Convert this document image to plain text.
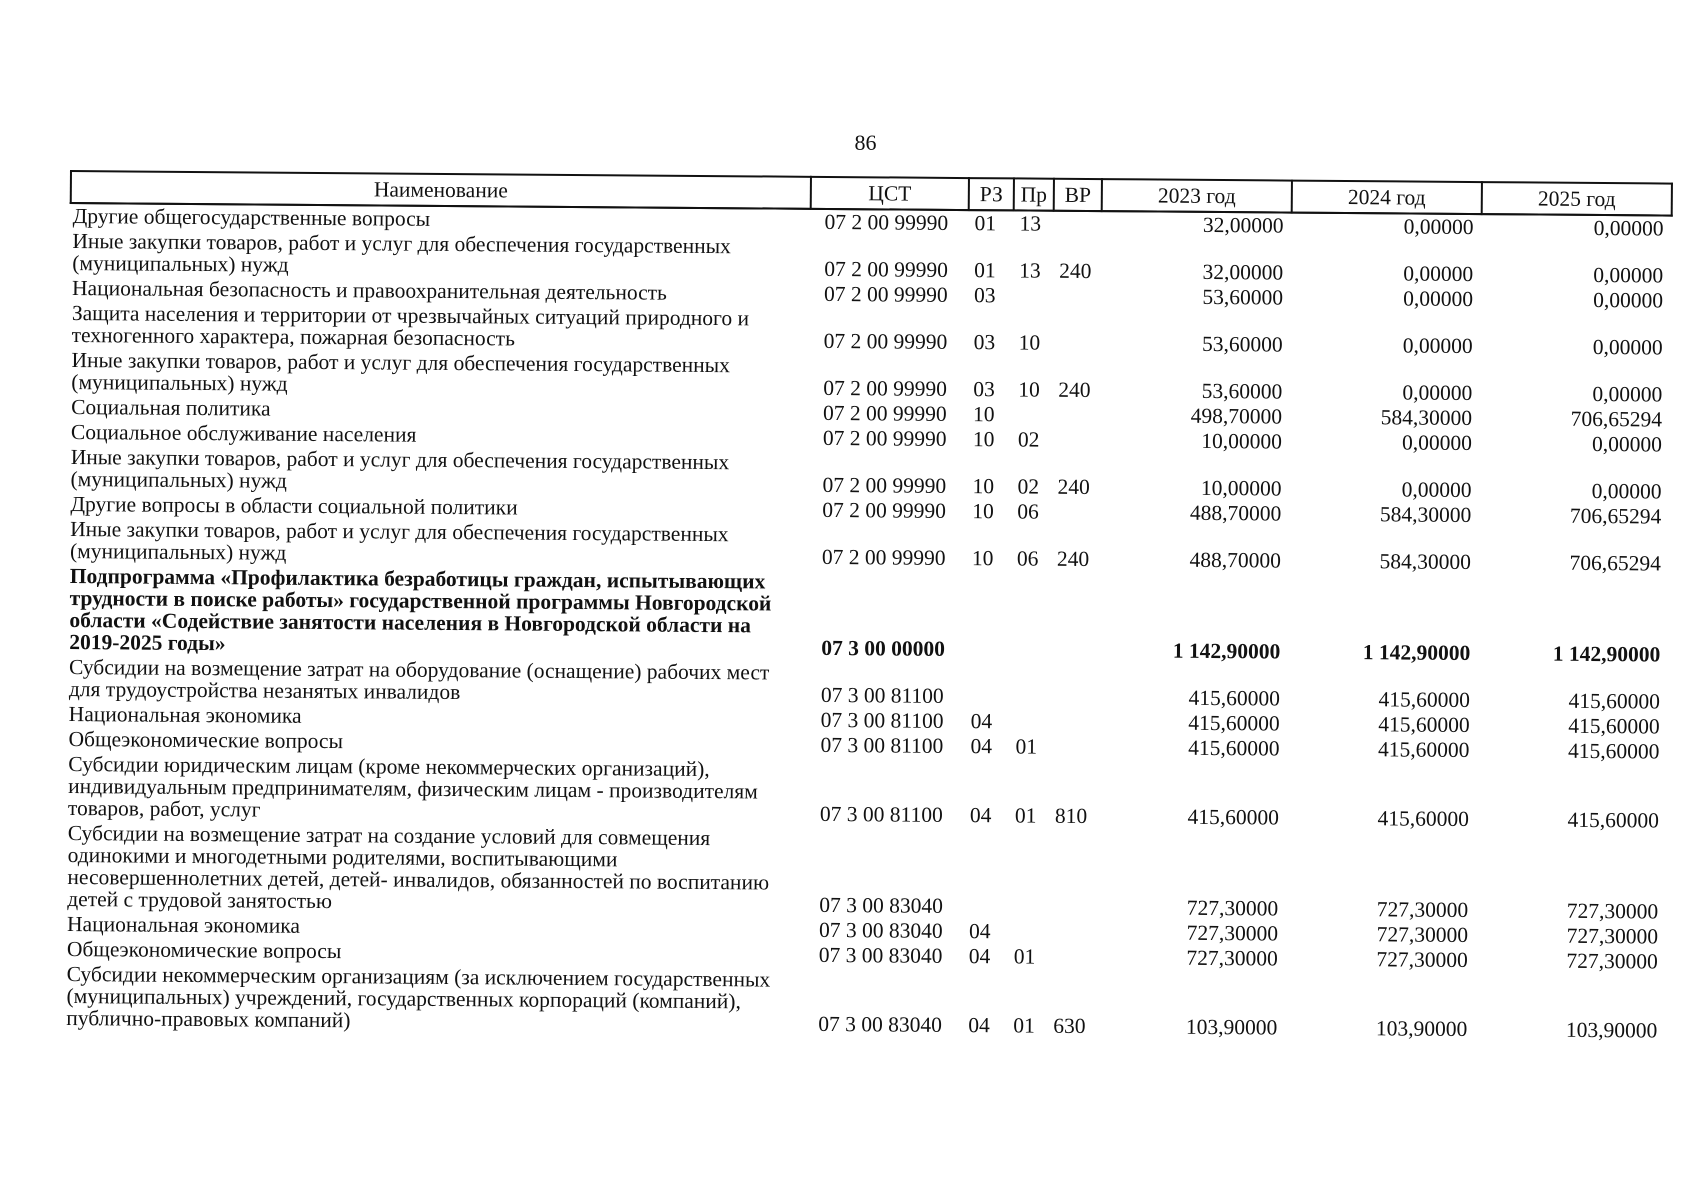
86
Наименование	ЦСТ	РЗ	Пр	ВР	2023 год	2024 год	2025 год
Другие общегосударственные вопросы	07 2 00 99990	01	13		32,00000	0,00000	0,00000
Иные закупки товаров, работ и услуг для обеспечения государственных (муниципальных) нужд	07 2 00 99990	01	13	240	32,00000	0,00000	0,00000
Национальная безопасность и правоохранительная деятельность	07 2 00 99990	03			53,60000	0,00000	0,00000
Защита населения и территории от чрезвычайных ситуаций природного и техногенного характера, пожарная безопасность	07 2 00 99990	03	10		53,60000	0,00000	0,00000
Иные закупки товаров, работ и услуг для обеспечения государственных (муниципальных) нужд	07 2 00 99990	03	10	240	53,60000	0,00000	0,00000
Социальная политика	07 2 00 99990	10			498,70000	584,30000	706,65294
Социальное обслуживание населения	07 2 00 99990	10	02		10,00000	0,00000	0,00000
Иные закупки товаров, работ и услуг для обеспечения государственных (муниципальных) нужд	07 2 00 99990	10	02	240	10,00000	0,00000	0,00000
Другие вопросы в области социальной политики	07 2 00 99990	10	06		488,70000	584,30000	706,65294
Иные закупки товаров, работ и услуг для обеспечения государственных (муниципальных) нужд	07 2 00 99990	10	06	240	488,70000	584,30000	706,65294
Подпрограмма «Профилактика безработицы граждан, испытывающих трудности в поиске работы» государственной программы Новгородской области «Содействие занятости населения в Новгородской области на 2019-2025 годы»	07 3 00 00000				1 142,90000	1 142,90000	1 142,90000
Субсидии на возмещение затрат на оборудование (оснащение) рабочих мест для трудоустройства незанятых инвалидов	07 3 00 81100				415,60000	415,60000	415,60000
Национальная экономика	07 3 00 81100	04			415,60000	415,60000	415,60000
Общеэкономические вопросы	07 3 00 81100	04	01		415,60000	415,60000	415,60000
Субсидии юридическим лицам (кроме некоммерческих организаций), индивидуальным предпринимателям, физическим лицам - производителям товаров, работ, услуг	07 3 00 81100	04	01	810	415,60000	415,60000	415,60000
Субсидии на возмещение затрат на создание условий для совмещения одинокими и многодетными родителями, воспитывающими несовершеннолетних детей, детей- инвалидов, обязанностей по воспитанию детей с трудовой занятостью	07 3 00 83040				727,30000	727,30000	727,30000
Национальная экономика	07 3 00 83040	04			727,30000	727,30000	727,30000
Общеэкономические вопросы	07 3 00 83040	04	01		727,30000	727,30000	727,30000
Субсидии некоммерческим организациям (за исключением государственных (муниципальных) учреждений, государственных корпораций (компаний), публично-правовых компаний)	07 3 00 83040	04	01	630	103,90000	103,90000	103,90000
